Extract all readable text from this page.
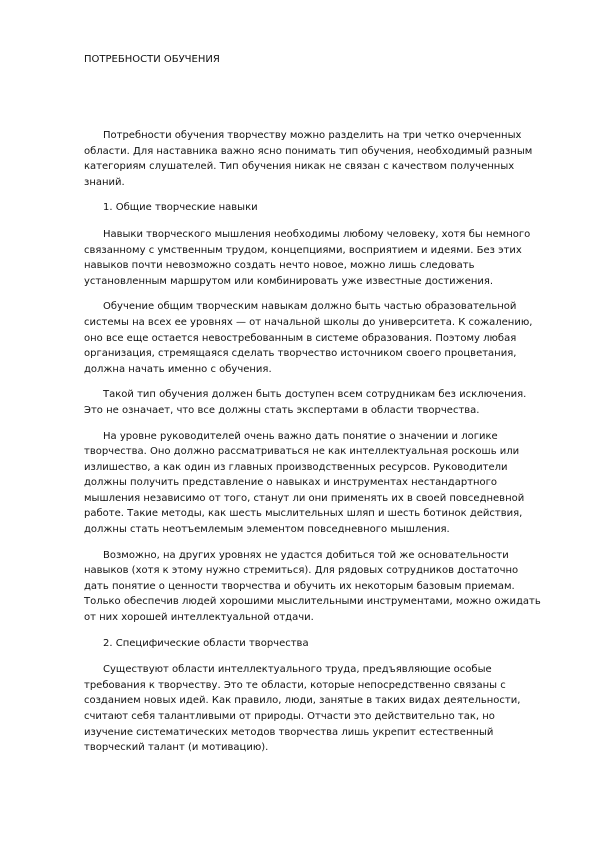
ПОТРЕБНОСТИ ОБУЧЕНИЯ

Потребности обучения творчеству можно разделить на три четко очерченных области. Для наставника важно ясно понимать тип обучения, необходимый разным категориям слушателей. Тип обучения никак не связан с качеством полученных знаний.

1. Общие творческие навыки

Навыки творческого мышления необходимы любому человеку, хотя бы немного связанному с умственным трудом, концепциями, восприятием и идеями. Без этих навыков почти невозможно создать нечто новое, можно лишь следовать установленным маршрутом или комбинировать уже известные достижения.

Обучение общим творческим навыкам должно быть частью образовательной системы на всех ее уровнях — от начальной школы до университета. К сожалению, оно все еще остается невостребованным в системе образования. Поэтому любая организация, стремящаяся сделать творчество источником своего процветания, должна начать именно с обучения.

Такой тип обучения должен быть доступен всем сотрудникам без исключения. Это не означает, что все должны стать экспертами в области творчества.

На уровне руководителей очень важно дать понятие о значении и логике творчества. Оно должно рассматриваться не как интеллектуальная роскошь или излишество, а как один из главных производственных ресурсов. Руководители должны получить представление о навыках и инструментах нестандартного мышления независимо от того, станут ли они применять их в своей повседневной работе. Такие методы, как шесть мыслительных шляп и шесть ботинок действия, должны стать неотъемлемым элементом повседневного мышления.

Возможно, на других уровнях не удастся добиться той же основательности навыков (хотя к этому нужно стремиться). Для рядовых сотрудников достаточно дать понятие о ценности творчества и обучить их некоторым базовым приемам. Только обеспечив людей хорошими мыслительными инструментами, можно ожидать от них хорошей интеллектуальной отдачи.

2. Специфические области творчества

Существуют области интеллектуального труда, предъявляющие особые требования к творчеству. Это те области, которые непосредственно связаны с созданием новых идей. Как правило, люди, занятые в таких видах деятельности, считают себя талантливыми от природы. Отчасти это действительно так, но изучение систематических методов творчества лишь укрепит естественный творческий талант (и мотивацию).
